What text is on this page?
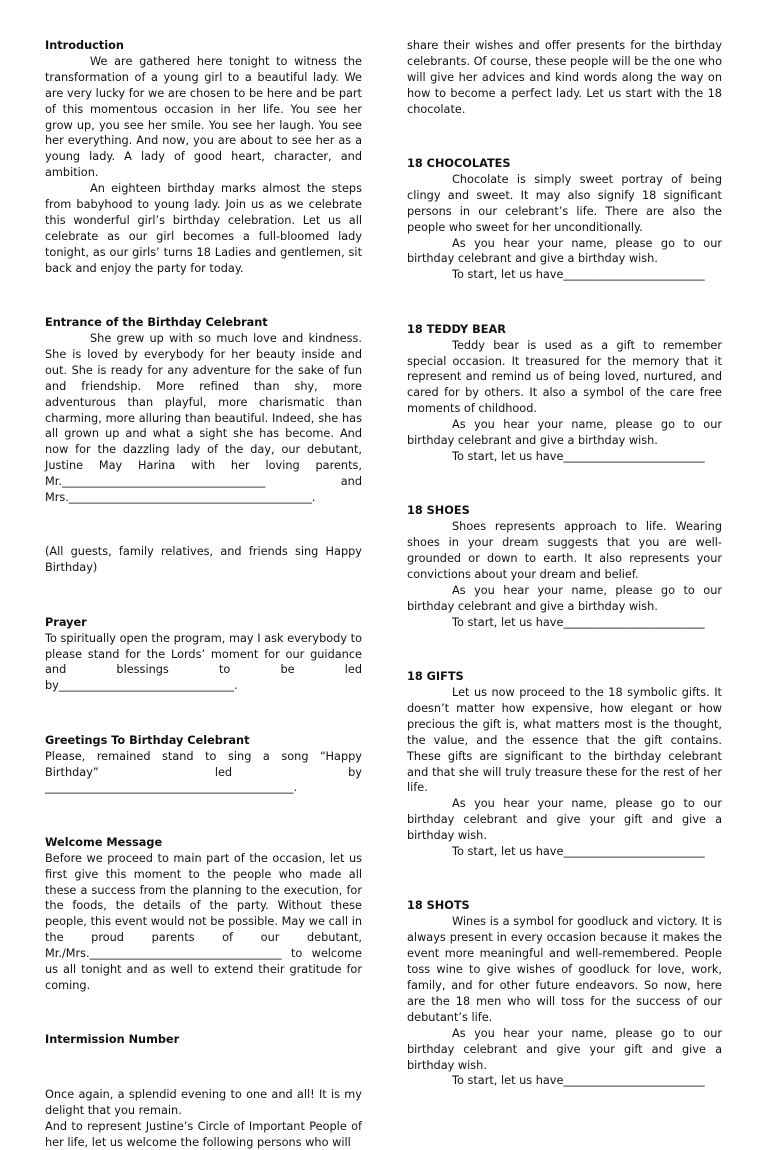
Introduction

We are gathered here tonight to witness the transformation of a young girl to a beautiful lady. We are very lucky for we are chosen to be here and be part of this momentous occasion in her life. You see her grow up, you see her smile. You see her laugh. You see her everything. And now, you are about to see her as a young lady. A lady of good heart, character, and ambition.

An eighteen birthday marks almost the steps from babyhood to young lady. Join us as we celebrate this wonderful girl’s birthday celebration. Let us all celebrate as our girl becomes a full-bloomed lady tonight, as our girls’ turns 18 Ladies and gentlemen, sit back and enjoy the party for today.

Entrance of the Birthday Celebrant

She grew up with so much love and kindness. She is loved by everybody for her beauty inside and out. She is ready for any adventure for the sake of fun and friendship. More refined than shy, more adventurous than playful, more charismatic than charming, more alluring than beautiful. Indeed, she has all grown up and what a sight she has become. And now for the dazzling lady of the day, our debutant, Justine May Harina with her loving parents, Mr.____________________________________ and Mrs.___________________________________________.

(All guests, family relatives, and friends sing Happy Birthday)

Prayer

To spiritually open the program, may I ask everybody to please stand for the Lords’ moment for our guidance and blessings to be led by_______________________________.

Greetings To Birthday Celebrant

Please, remained stand to sing a song “Happy Birthday” led by ____________________________________________.

Welcome Message

Before we proceed to main part of the occasion, let us first give this moment to the people who made all these a success from the planning to the execution, for the foods, the details of the party. Without these people, this event would not be possible. May we call in the proud parents of our debutant, Mr./Mrs.__________________________________ to welcome us all tonight and as well to extend their gratitude for coming.

Intermission Number

Once again, a splendid evening to one and all! It is my delight that you remain.

And to represent Justine’s Circle of Important People of her life, let us welcome the following persons who will

share their wishes and offer presents for the birthday celebrants. Of course, these people will be the one who will give her advices and kind words along the way on how to become a perfect lady. Let us start with the 18 chocolate.

18 CHOCOLATES

Chocolate is simply sweet portray of being clingy and sweet. It may also signify 18 significant persons in our celebrant’s life. There are also the people who sweet for her unconditionally.

As you hear your name, please go to our birthday celebrant and give a birthday wish.

To start, let us have_________________________

18 TEDDY BEAR

Teddy bear is used as a gift to remember special occasion. It treasured for the memory that it represent and remind us of being loved, nurtured, and cared for by others. It also a symbol of the care free moments of childhood.

As you hear your name, please go to our birthday celebrant and give a birthday wish.

To start, let us have_________________________

18 SHOES

Shoes represents approach to life. Wearing shoes in your dream suggests that you are well-grounded or down to earth. It also represents your convictions about your dream and belief.

As you hear your name, please go to our birthday celebrant and give a birthday wish.

To start, let us have_________________________

18 GIFTS

Let us now proceed to the 18 symbolic gifts. It doesn’t matter how expensive, how elegant or how precious the gift is, what matters most is the thought, the value, and the essence that the gift contains. These gifts are significant to the birthday celebrant and that she will truly treasure these for the rest of her life.

As you hear your name, please go to our birthday celebrant and give your gift and give a birthday wish.

To start, let us have_________________________

18 SHOTS

Wines is a symbol for goodluck and victory. It is always present in every occasion because it makes the event more meaningful and well-remembered. People toss wine to give wishes of goodluck for love, work, family, and for other future endeavors. So now, here are the 18 men who will toss for the success of our debutant’s life.

As you hear your name, please go to our birthday celebrant and give your gift and give a birthday wish.

To start, let us have_________________________
